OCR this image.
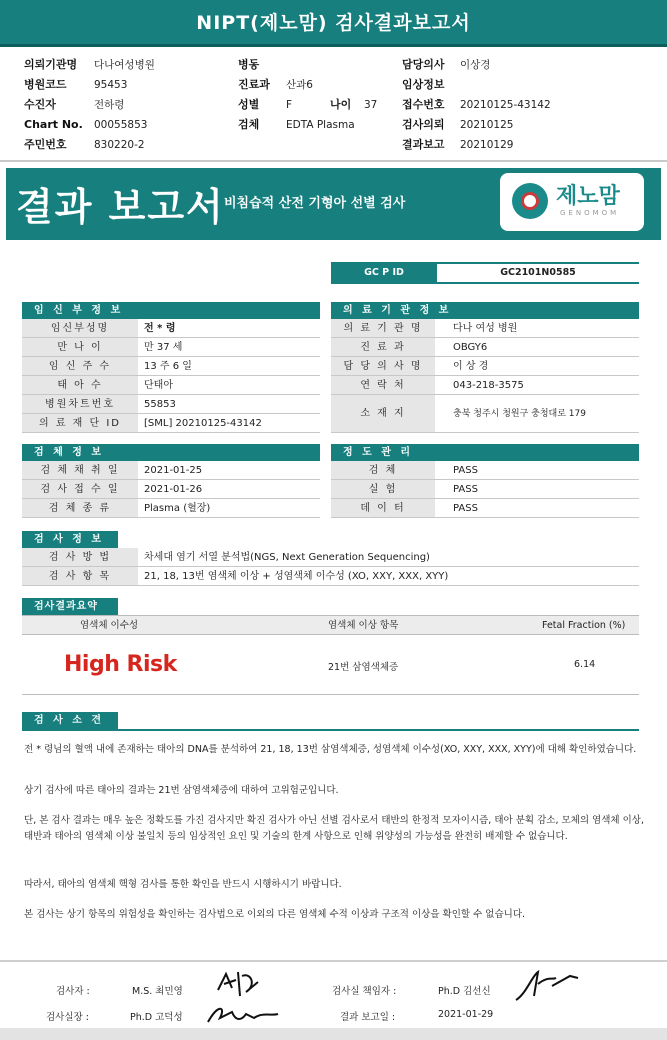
NIPT(제노맘) 검사결과보고서
의뢰기관명 다나여성병원
병원코드	95453
수진자	전하령
Chart No. 00055853
주민번호	830220-2
병동
진료과 산과6
성별	F	나이 37
검체	EDTA Plasma
담당의사 이상경
임상정보
접수번호 20210125-43142
검사의뢰 20210125
결과보고 20210129
결과 보고서 비침습적 산전 기형아 선별 검사	제노맘
GENOMOM
GC P ID	GC2101N0585
임 신 부 정 보
임신부성명	전 * 령
만 나 이	만 37 세
임 신 주 수	13 주 6 일
태 아 수	단태아
병원차트번호	55853
의 료 재 단 ID	[SML] 20210125-43142
의 료 기 관 정 보
의 료 기 관 명	다나 여성 병원
진 료 과	OBGY6
담 당 의 사 명	이 상 경
연 락 처	043-218-3575
소 재 지	충북 청주시 청원구 충청대로 179
검 체 정 보
검 체 채 취 일	2021-01-25
검 사 접 수 일	2021-01-26
검 체 종 류	Plasma (혈장)
정 도 관 리
검 체	PASS
실 험	PASS
데 이 터	PASS
검 사 정 보
검 사 방 법	차세대 염기 서열 분석법(NGS, Next Generation Sequencing)
검 사 항 목	21, 18, 13번 염색체 이상 + 성염색체 이수성 (XO, XXY, XXX, XYY)
검사결과요약
염색체 이수성	염색체 이상 항목	Fetal Fraction (%)
High Risk	21번 삼염색체증	6.14
검 사 소 견
전 * 령님의 혈액 내에 존재하는 태아의 DNA를 분석하여 21, 18, 13번 삼염색체증, 성염색체 이수성(XO, XXY, XXX, XYY)에 대해 확인하였습니다.
상기 검사에 따른 태아의 결과는 21번 삼염색체증에 대하여 고위험군입니다.
단, 본 검사 결과는 매우 높은 정확도를 가진 검사지만 확진 검사가 아닌 선별 검사로서 태반의 한정적 모자이시즘, 태아 분획 감소, 모체의 염색체 이상, 태반과 태아의 염색체 이상 불일치 등의 임상적인 요인 및 기술의 한계 사항으로 인해 위양성의 가능성을 완전히 배제할 수 없습니다.
따라서, 태아의 염색체 핵형 검사를 통한 확인을 반드시 시행하시기 바랍니다.
본 검사는 상기 항목의 위험성을 확인하는 검사법으로 이외의 다른 염색체 수적 이상과 구조적 이상을 확인할 수 없습니다.
검사자 :	M.S. 최민영	검사실 책임자 :	Ph.D 김선신
검사실장 :	Ph.D 고덕성	결과 보고일 :	2021-01-29
